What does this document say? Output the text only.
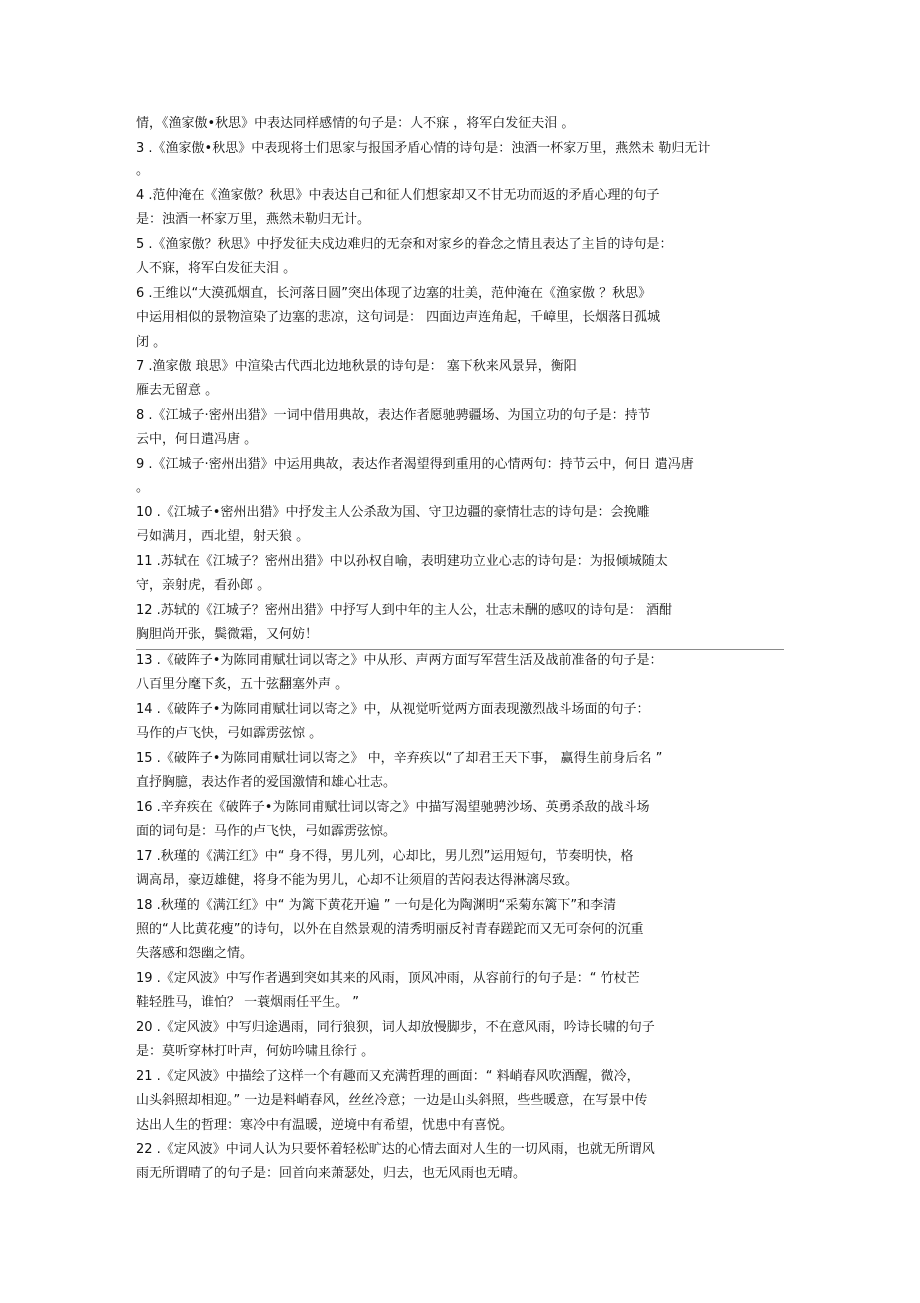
情，《渔家傲•秋思》中表达同样感情的句子是：人不寐 ，将军白发征夫泪 。
3 .《渔家傲•秋思》中表现将士们思家与报国矛盾心情的诗句是：浊酒一杯家万里，燕然未 勒归无计
。
4 .范仲淹在《渔家傲？秋思》中表达自己和征人们想家却又不甘无功而返的矛盾心理的句子
是：浊酒一杯家万里，燕然未勒归无计。
5 .《渔家傲？秋思》中抒发征夫戍边难归的无奈和对家乡的眷念之情且表达了主旨的诗句是：
人不寐，将军白发征夫泪 。
6 .王维以“大漠孤烟直，长河落日圆”突出体现了边塞的壮美，范仲淹在《渔家傲 ？秋思》
中运用相似的景物渲染了边塞的悲凉，这句词是： 四面边声连角起，千嶂里，长烟落日孤城
闭 。
7 .渔家傲 琅思》中渲染古代西北边地秋景的诗句是： 塞下秋来风景异，衡阳
雁去无留意 。
8 .《江城子·密州出猎》一词中借用典故，表达作者愿驰骋疆场、为国立功的句子是：持节
云中，何日遣冯唐 。
9 .《江城子·密州出猎》中运用典故，表达作者渴望得到重用的心情两句：持节云中，何日 遣冯唐
。
10 .《江城子•密州出猎》中抒发主人公杀敌为国、守卫边疆的豪情壮志的诗句是：会挽雕
弓如满月，西北望，射天狼 。
11 .苏轼在《江城子？密州出猎》中以孙权自喻，表明建功立业心志的诗句是：为报倾城随太
守，亲射虎，看孙郎 。
12 .苏轼的《江城子？密州出猎》中抒写人到中年的主人公，壮志未酬的感叹的诗句是： 酒酣
胸胆尚开张，鬓微霜，又何妨！
13 .《破阵子•为陈同甫赋壮词以寄之》中从形、声两方面写军营生活及战前准备的句子是：
八百里分麾下炙，五十弦翻塞外声 。
14 .《破阵子•为陈同甫赋壮词以寄之》中，从视觉听觉两方面表现激烈战斗场面的句子：
马作的卢飞快，弓如霹雳弦惊 。
15 .《破阵子•为陈同甫赋壮词以寄之》 中，辛弃疾以“了却君王天下事， 赢得生前身后名 ”
直抒胸臆，表达作者的爱国激情和雄心壮志。
16 .辛弃疾在《破阵子•为陈同甫赋壮词以寄之》中描写渴望驰骋沙场、英勇杀敌的战斗场
面的词句是：马作的卢飞快，弓如霹雳弦惊。
17 .秋瑾的《满江红》中“ 身不得，男儿列，心却比，男儿烈”运用短句，节奏明快，格
调高昂，豪迈雄健，将身不能为男儿，心却不让须眉的苦闷表达得淋漓尽致。
18 .秋瑾的《满江红》中“ 为篱下黄花开遍 ” 一句是化为陶渊明“采菊东篱下”和李清
照的“人比黄花瘦”的诗句，以外在自然景观的清秀明丽反衬青春蹉跎而又无可奈何的沉重
失落感和怨幽之情。
19 .《定风波》中写作者遇到突如其来的风雨，顶风冲雨，从容前行的句子是：“ 竹杖芒
鞋轻胜马，谁怕？ 一蓑烟雨任平生。 ”
20 .《定风波》中写归途遇雨，同行狼狈，词人却放慢脚步，不在意风雨，吟诗长啸的句子
是：莫听穿林打叶声，何妨吟啸且徐行 。
21 .《定风波》中描绘了这样一个有趣而又充满哲理的画面：“ 料峭春风吹酒醒，微冷，
山头斜照却相迎。” 一边是料峭春风，丝丝冷意；一边是山头斜照，些些暖意，在写景中传
达出人生的哲理：寒冷中有温暖，逆境中有希望，忧患中有喜悦。
22 .《定风波》中词人认为只要怀着轻松旷达的心情去面对人生的一切风雨，也就无所谓风
雨无所谓晴了的句子是：回首向来萧瑟处，归去，也无风雨也无晴。
